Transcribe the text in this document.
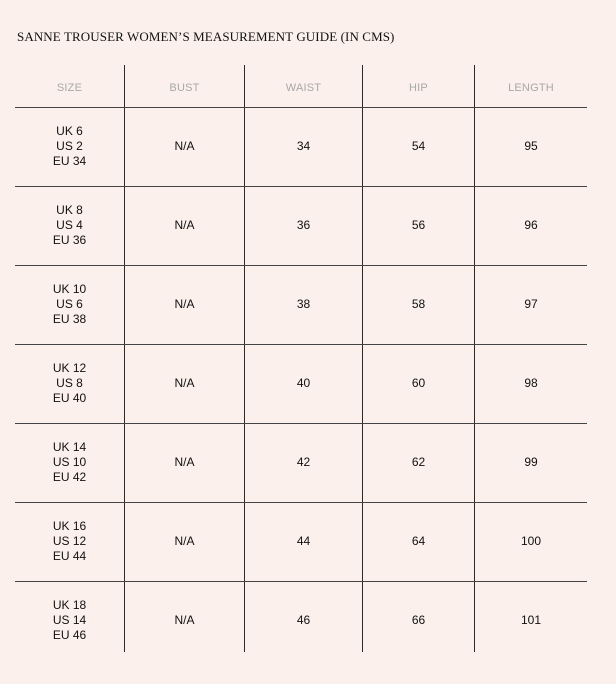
SANNE TROUSER WOMEN’S MEASUREMENT GUIDE (IN CMS)
SIZE	BUST	WAIST	HIP	LENGTH
UK 6
US 2
EU 34
N/A	34	54	95
UK 8
US 4
EU 36
N/A	36	56	96
UK 10
US 6
EU 38
N/A	38	58	97
UK 12
US 8
EU 40
N/A	40	60	98
UK 14
US 10
EU 42
N/A	42	62	99
UK 16
US 12
EU 44
N/A	44	64	100
UK 18
US 14
EU 46
N/A	46	66	101
